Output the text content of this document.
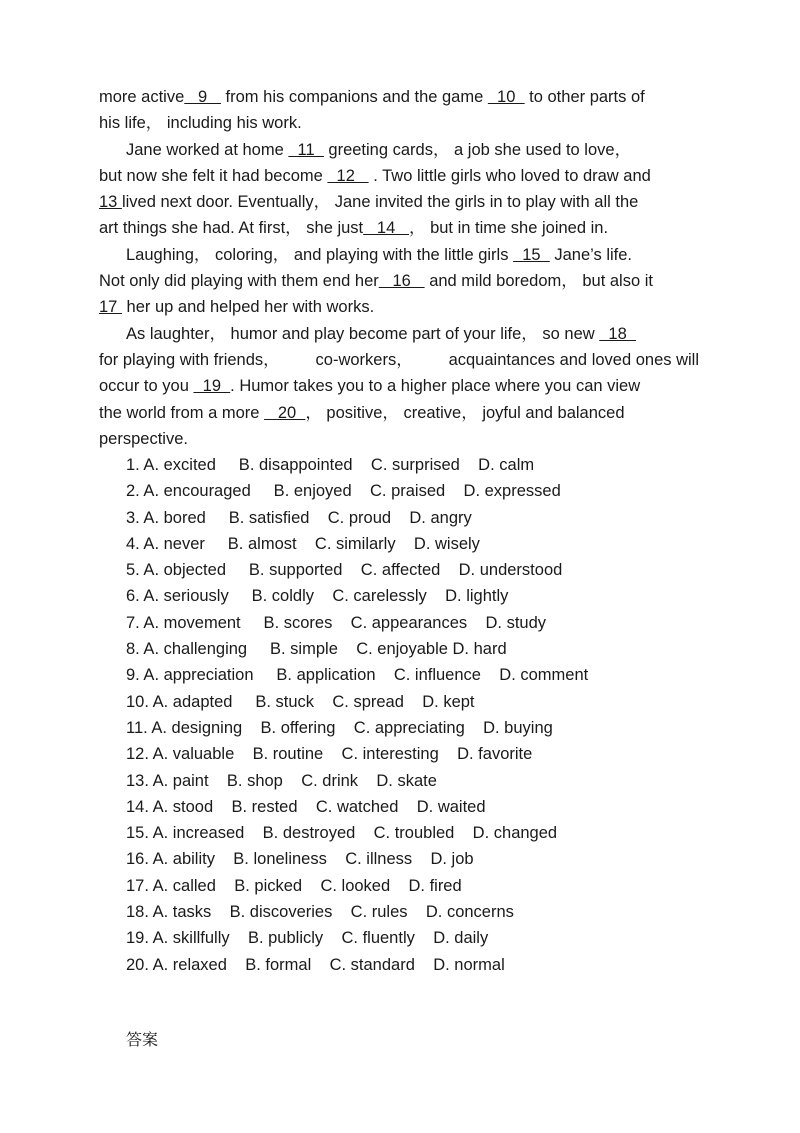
more active   9    from his companions and the game   10   to other parts of

his life， including his work.

Jane worked at home   11   greeting cards， a job she used to love，

but now she felt it had become   12    . Two little girls who loved to draw and

13 lived next door. Eventually， Jane invited the girls in to play with all the

art things she had. At first， she just   14   ， but in time she joined in.

Laughing， coloring， and playing with the little girls   15   Jane’s life.

Not only did playing with them end her   16    and mild boredom， but also it

17  her up and helped her with works.

As laughter， humor and play become part of your life， so new   18

for playing with friends， co-workers， acquaintances and loved ones will

occur to you   19  . Humor takes you to a higher place where you can view

the world from a more    20  ， positive， creative， joyful and balanced

perspective.

1. A. excited     B. disappointed    C. surprised    D. calm
2. A. encouraged     B. enjoyed    C. praised    D. expressed
3. A. bored     B. satisfied    C. proud    D. angry
4. A. never     B. almost    C. similarly    D. wisely
5. A. objected     B. supported    C. affected    D. understood
6. A. seriously     B. coldly    C. carelessly    D. lightly
7. A. movement     B. scores    C. appearances    D. study
8. A. challenging     B. simple    C. enjoyable D. hard
9. A. appreciation     B. application    C. influence    D. comment
10. A. adapted     B. stuck    C. spread    D. kept
11. A. designing    B. offering    C. appreciating    D. buying
12. A. valuable    B. routine    C. interesting    D. favorite
13. A. paint    B. shop    C. drink    D. skate
14. A. stood    B. rested    C. watched    D. waited
15. A. increased    B. destroyed    C. troubled    D. changed
16. A. ability    B. loneliness    C. illness    D. job
17. A. called    B. picked    C. looked    D. fired
18. A. tasks    B. discoveries    C. rules    D. concerns
19. A. skillfully    B. publicly    C. fluently    D. daily
20. A. relaxed    B. formal    C. standard    D. normal
答案
